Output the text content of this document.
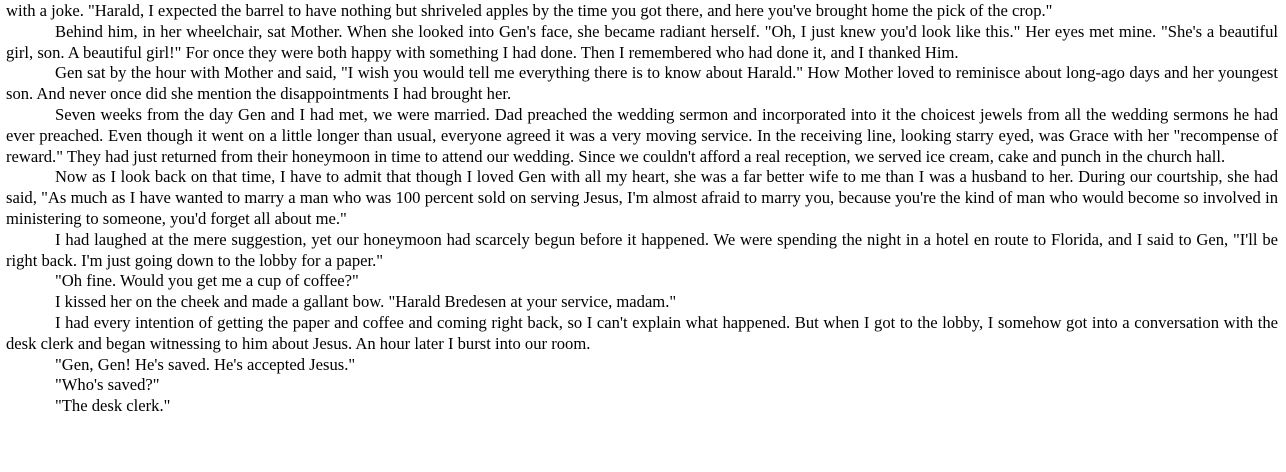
with a joke. "Harald, I expected the barrel to have nothing but shriveled apples by the time you got there, and here you've brought home the pick of the crop."

Behind him, in her wheelchair, sat Mother. When she looked into Gen's face, she became radiant herself. "Oh, I just knew you'd look like this." Her eyes met mine. "She's a beautiful girl, son. A beautiful girl!" For once they were both happy with something I had done. Then I remembered who had done it, and I thanked Him.

Gen sat by the hour with Mother and said, "I wish you would tell me everything there is to know about Harald." How Mother loved to reminisce about long-ago days and her youngest son. And never once did she mention the disappointments I had brought her.

Seven weeks from the day Gen and I had met, we were married. Dad preached the wedding sermon and incorporated into it the choicest jewels from all the wedding sermons he had ever preached. Even though it went on a little longer than usual, everyone agreed it was a very moving service. In the receiving line, looking starry eyed, was Grace with her "recompense of reward." They had just returned from their honeymoon in time to attend our wedding. Since we couldn't afford a real reception, we served ice cream, cake and punch in the church hall.

Now as I look back on that time, I have to admit that though I loved Gen with all my heart, she was a far better wife to me than I was a husband to her. During our courtship, she had said, "As much as I have wanted to marry a man who was 100 percent sold on serving Jesus, I'm almost afraid to marry you, because you're the kind of man who would become so involved in ministering to someone, you'd forget all about me."

I had laughed at the mere suggestion, yet our honeymoon had scarcely begun before it happened. We were spending the night in a hotel en route to Florida, and I said to Gen, "I'll be right back. I'm just going down to the lobby for a paper."

"Oh fine. Would you get me a cup of coffee?"

I kissed her on the cheek and made a gallant bow. "Harald Bredesen at your service, madam."

I had every intention of getting the paper and coffee and coming right back, so I can't explain what happened. But when I got to the lobby, I somehow got into a conversation with the desk clerk and began witnessing to him about Jesus. An hour later I burst into our room.

"Gen, Gen! He's saved. He's accepted Jesus."

"Who's saved?"

"The desk clerk."
